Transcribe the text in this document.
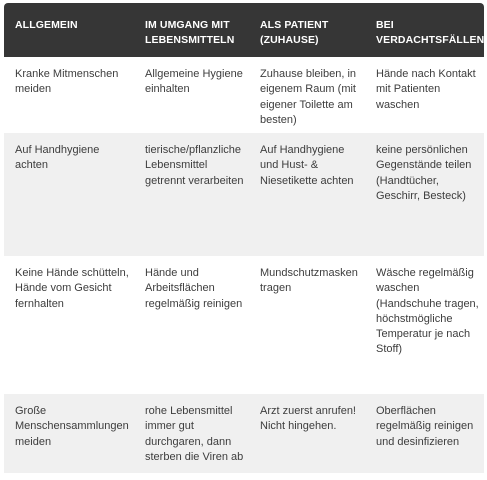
ALLGEMEIN	IM UMGANG MIT LEBENSMITTELN
ALS PATIENT (ZUHAUSE)
BEI VERDACHTSFÄLLEN
Kranke Mitmenschen meiden
Allgemeine Hygiene einhalten
Zuhause bleiben, in eigenem Raum (mit eigener Toilette am besten)
Hände nach Kontakt mit Patienten waschen
Auf Handhygiene achten
tierische/pflanzliche Lebensmittel getrennt verarbeiten
Auf Handhygiene und Hust- & Niesetikette achten
keine persönlichen Gegenstände teilen (Handtücher, Geschirr, Besteck)
Keine Hände schütteln, Hände vom Gesicht fernhalten
Hände und Arbeitsflächen regelmäßig reinigen
Mundschutzmasken tragen
Wäsche regelmäßig waschen (Handschuhe tragen, höchstmögliche Temperatur je nach Stoff)
Große Menschensammlungen meiden
rohe Lebensmittel immer gut durchgaren, dann sterben die Viren ab
Arzt zuerst anrufen! Nicht hingehen.
Oberflächen regelmäßig reinigen und desinfizieren
